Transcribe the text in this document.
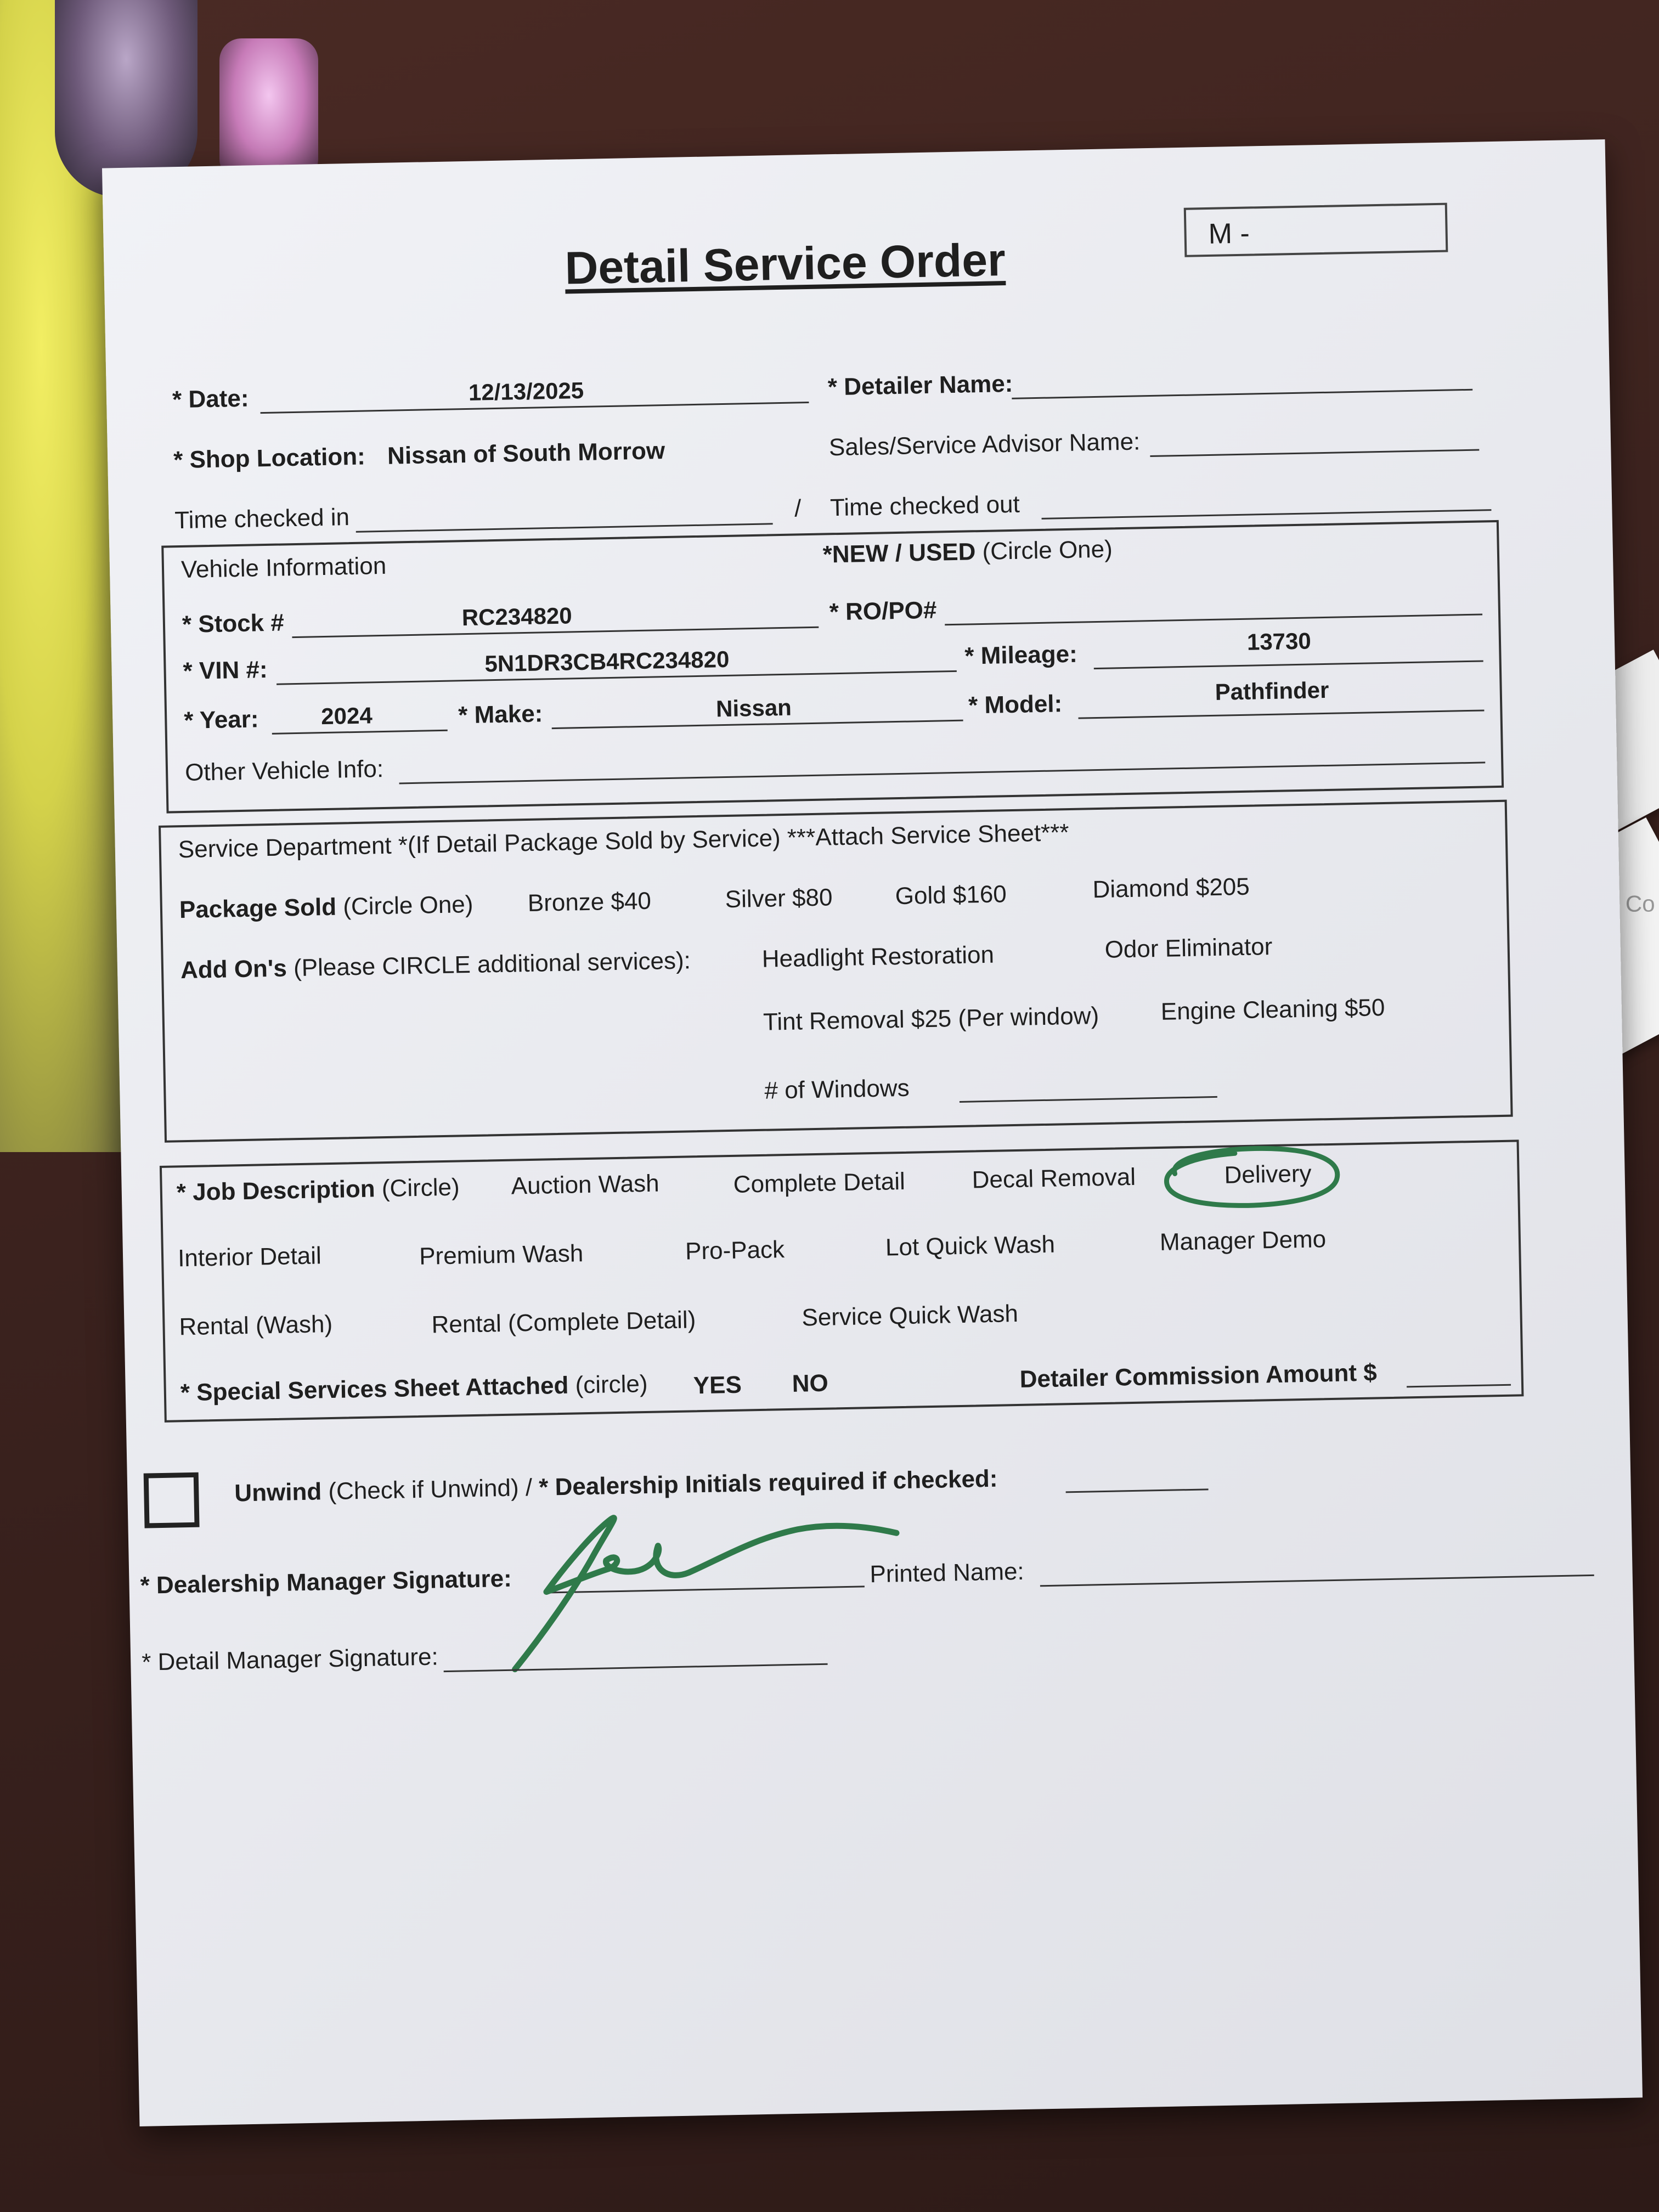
Co
Detail Service Order	M -
* Date:	12/13/2025	* Detailer Name:
* Shop Location: Nissan of South Morrow	Sales/Service Advisor Name:
Time checked in	/ Time checked out
Vehicle Information	*NEW / USED (Circle One)
* Stock #	RC234820	* RO/PO#
* VIN #:	5N1DR3CB4RC234820	* Mileage:	13730
* Year:	2024	* Make:	Nissan	* Model:	Pathfinder
Other Vehicle Info:
Service Department *(If Detail Package Sold by Service) ***Attach Service Sheet***
Package Sold (Circle One) Bronze $40	Silver $80	Gold $160	Diamond $205
Add On's (Please CIRCLE additional services):	Headlight Restoration	Odor Eliminator
Tint Removal $25 (Per window)	Engine Cleaning $50
# of Windows
* Job Description (Circle) Auction Wash	Complete Detail	Decal Removal	Delivery
Interior Detail	Premium Wash	Pro-Pack	Lot Quick Wash	Manager Demo
Rental (Wash)	Rental (Complete Detail)	Service Quick Wash
* Special Services Sheet Attached (circle) YES NO	Detailer Commission Amount $
Unwind (Check if Unwind) / * Dealership Initials required if checked:
* Dealership Manager Signature:	Printed Name:
* Detail Manager Signature:
